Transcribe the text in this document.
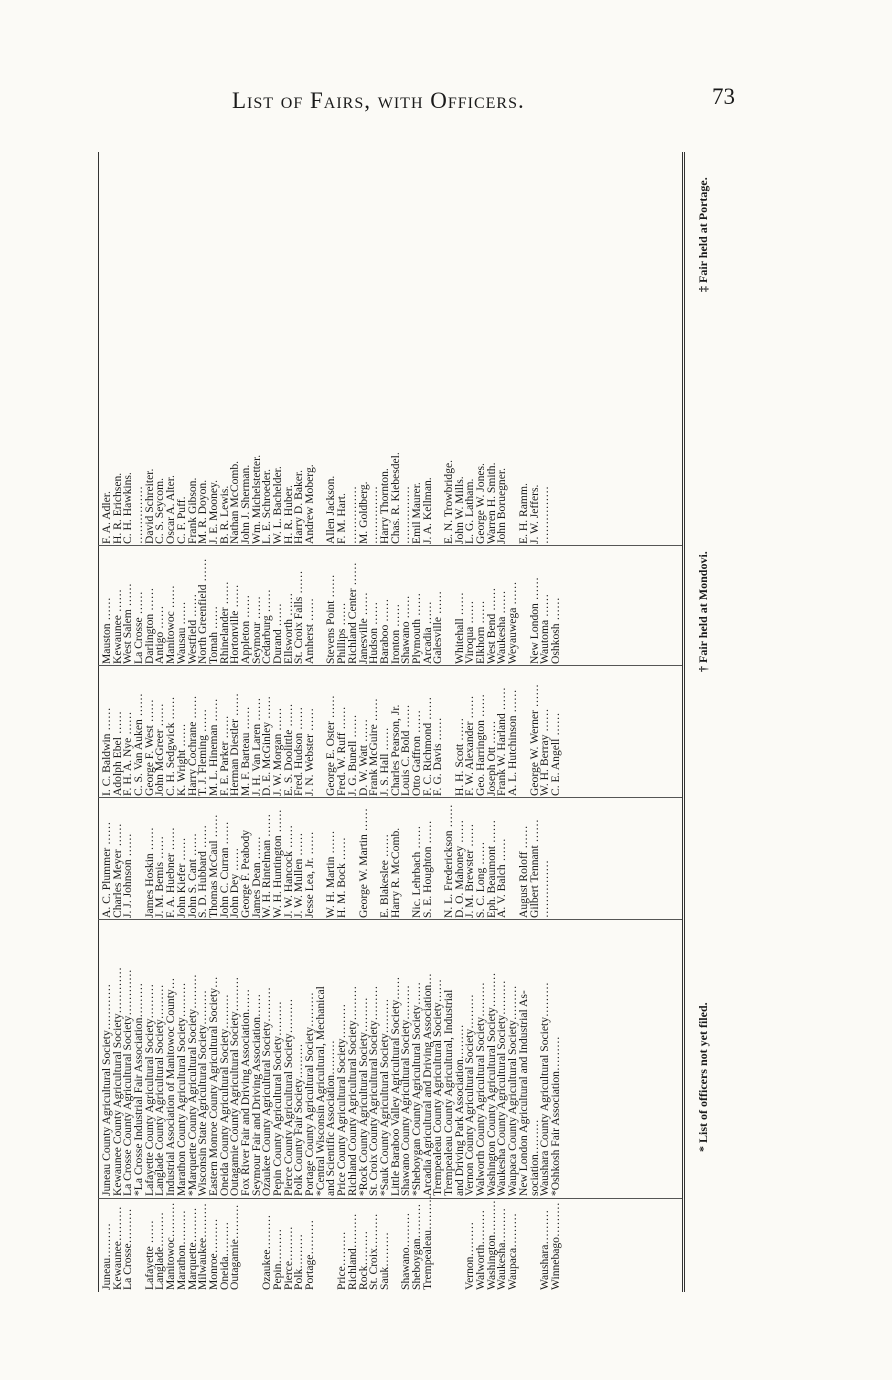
List of Fairs, with Officers.	73
Juneau………
Kewaunee………
La Crosse……… Lafayette ……
Langlade………
Manitowoc………
Marathon………
Marquette………
Milwaukee………
Monroe………
Oneida………
Outagamie……… Ozaukee………
Pepin………
Pierce………
Polk………
Portage……… Price………
Richland………
Rock………
St. Croix………
Sauk……… Shawano………
Sheboygan………
Trempealeau………	Vernon………
Walworth………
Washington………
Waukesha………
Waupaca……… Waushara………
Winnebago………
Juneau County Agricultural Society…………
Kewaunee County Agricultural Society…………
La Crosse County Agricultural Society…………
*La Crosse Industrial Fair Association………
Lafayette County Agricultural Society………
Langlade County Agricultural Society………
Industrial Association of Manitowoc County…
Marathon County Agricultural Society………
*Marquette County Agricultural Society………
Wisconsin State Agricultural Society………
Eastern Monroe County Agricultural Society…
Oneida County Agricultural Society………
Outagamie County Agricultural Society………
Fox River Fair and Driving Association……
Seymour Fair and Driving Association……
Ozaukee County Agricultural Society………
Pepin County Agricultural Society………
Pierce County Agricultural Society………
Polk County Fair Society………
Portage County Agricultural Society………
*Central Wisconsin Agricultural, Mechanical
and Scientific Association………
Price County Agricultural Society………
Richland County Agricultural Society………
*Rock County Agricultural Society………
St. Croix County Agricultural Society………
*Sauk County Agricultural Society………
Little Baraboo Valley Agricultural Society……
Shawano County Agricultural Society………
*Sheboygan County Agricultural Society……
Arcadia Agricultural and Driving Association…
Trempealeau County Agricultural Society……
Trempealeau County Agricultural, Industrial
and Driving Park Association………
Vernon County Agricultural Society………
Walworth County Agricultural Society………
Washington County Agricultural Society………
Waukesha County Agricultural Society………
Waupaca County Agricultural Society………
New London Agricultural and Industrial As-
sociation………
Waushara County Agricultural Society………
*Oshkosh Fair Association………
A. C. Plummer ……
Charles Meyer ……
J. J. Johnson …… James Hoskin ……
J. M. Bemis ……
F. A. Huebner ……
John Kiefer ……
John S. Cant ……
S. D. Hubbard ……
Thomas McCaul ……
John C. Curran ……
John Dey ……
George F. Peabody
James Dean ……
W. H. Rintelman ……
W. H. Huntington ……
J. W. Hancock ……
J. W. Mullen ……
Jesse Lea, Jr. …… W. H. Martin ……
H. M. Bock …… George W. Martin …… E. Blakeslee ……
Harry R. McComb. Nic. Lehrbach ……
S. E. Houghton …… N. L. Frederickson ……
D. O. Mahoney ……
J. M. Brewster ……
S. C. Long ……
Eph. Beaumont ……
A. V. Balch …… August Roloff ……
Gilbert Tennant ……
……………
I. C. Baldwin ……
Adolph Ebel ……
F. H. A. Nye ……
C. S. Van Auken ……
George F. West ……
John McGreer ……
C. H. Sedgwick ……
K. Wright ……
Harry Cochrane ……
T. J. Fleming ……
M. L. Hineman ……
F. E. Parker ……
Herman Diestler ……
M. F. Barteau ……
J. H. Van Laren ……
D. E. McGinley ……
J. W. Morgan ……
E. S. Doolittle ……
Fred. Hudson ……
J. N. Webster …… George E. Oster ……
Fred. W. Ruff ……
J. G. Bunell ……
D. W. Watt ……
Frank McGuire ……
J. S. Hall ……
Charles Pearson, Jr.
Louis C. Bold ……
Otto Gaffron ……
F. C. Richmond ……
F. G. Davis …… H. H. Scott ……
F. W. Alexander ……
Geo. Harrington ……
Joseph Ott ……
Frank W. Harland ……
A. L. Hutchinson …… George W. Werner ……
W. H. Berray ……
C. E. Angell ……
Mauston ……
Kewaunee ……
West Salem ……
La Crosse ……
Darlington ……
Antigo ……
Manitowoc ……
Wausau ……
Westfield ……
North Greenfield ……
Tomah ……
Rhinelander ……
Hortonville ……
Appleton ……
Seymour ……
Cedarburg ……
Durand ……
Ellsworth ……
St. Croix Falls ……
Amherst …… Stevens Point ……
Phillips ……
Richland Center ……
Janesville ……
Hudson ……
Baraboo ……
Ironton ……
Shawano ……
Plymouth ……
Arcadia ……
Galesville …… Whitehall ……
Viroqua ……
Elkhorn ……
West Bend ……
Waukesha ……
Weyauwega …… New London ……
Wautoma ……
Oshkosh ……
F. A. Adler.
H. R. Erichsen.
C. H. Hawkins.
……………
David Schreiter.
C. S. Seycom.
Oscar A. Alter.
C. F. Puff.
Frank Gibson.
M. R. Doyon.
J. E. Mooney.
B. R. Lewis.
Nathan McComb.
John J. Sherman.
Wm. Michelstetter.
L. E. Schroeder.
W. L. Bachelder.
H. R. Huber.
Harry D. Baker.
Andrew Moberg. Allen Jackson.
F. M. Hart.
……………
M. Goldberg.
……………
Harry Thornton.
Chas. R. Kiebesdel.
……………
Emil Maurer.
J. A. Kellman. E. N. Trowbridge.
John W. Mills.
L. G. Latham.
George W. Jones.
Warren H. Smith.
John Boruegner. E. H. Ramm.
J. W. Jeffers.
……………
* List of officers not yet filed.
† Fair held at Mondovi.
‡ Fair held at Portage.
